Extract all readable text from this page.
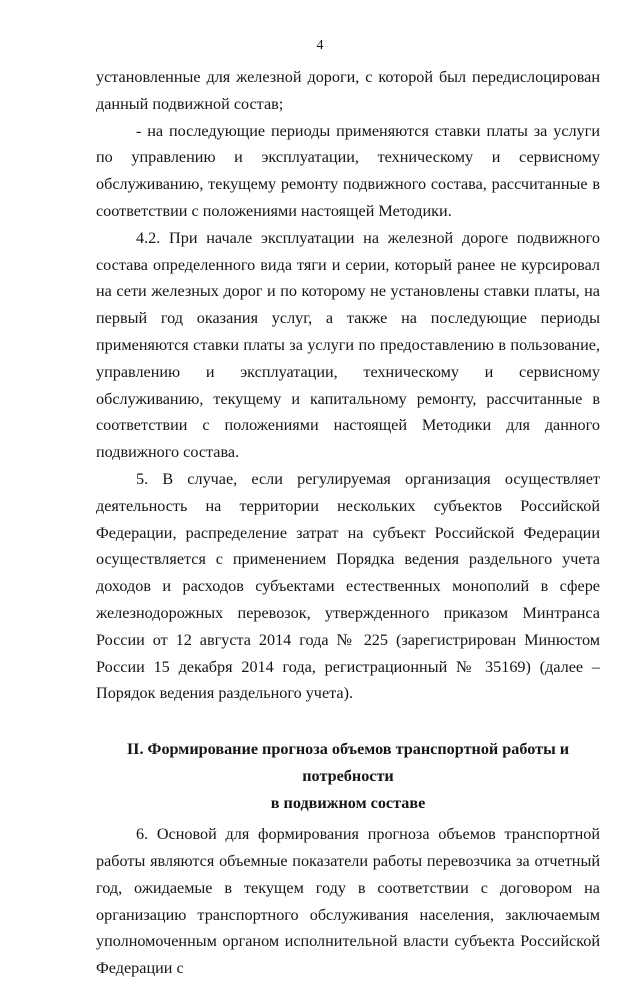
4

установленные для железной дороги, с которой был передислоцирован данный подвижной состав;

- на последующие периоды применяются ставки платы за услуги по управлению и эксплуатации, техническому и сервисному обслуживанию, текущему ремонту подвижного состава, рассчитанные в соответствии с положениями настоящей Методики.

4.2. При начале эксплуатации на железной дороге подвижного состава определенного вида тяги и серии, который ранее не курсировал на сети железных дорог и по которому не установлены ставки платы, на первый год оказания услуг, а также на последующие периоды применяются ставки платы за услуги по предоставлению в пользование, управлению и эксплуатации, техническому и сервисному обслуживанию, текущему и капитальному ремонту, рассчитанные в соответствии с положениями настоящей Методики для данного подвижного состава.

5. В случае, если регулируемая организация осуществляет деятельность на территории нескольких субъектов Российской Федерации, распределение затрат на субъект Российской Федерации осуществляется с применением Порядка ведения раздельного учета доходов и расходов субъектами естественных монополий в сфере железнодорожных перевозок, утвержденного приказом Минтранса России от 12 августа 2014 года № 225 (зарегистрирован Минюстом России 15 декабря 2014 года, регистрационный № 35169) (далее – Порядок ведения раздельного учета).

II. Формирование прогноза объемов транспортной работы и потребности
в подвижном составе

6. Основой для формирования прогноза объемов транспортной работы являются объемные показатели работы перевозчика за отчетный год, ожидаемые в текущем году в соответствии с договором на организацию транспортного обслуживания населения, заключаемым уполномоченным органом исполнительной власти субъекта Российской Федерации с
